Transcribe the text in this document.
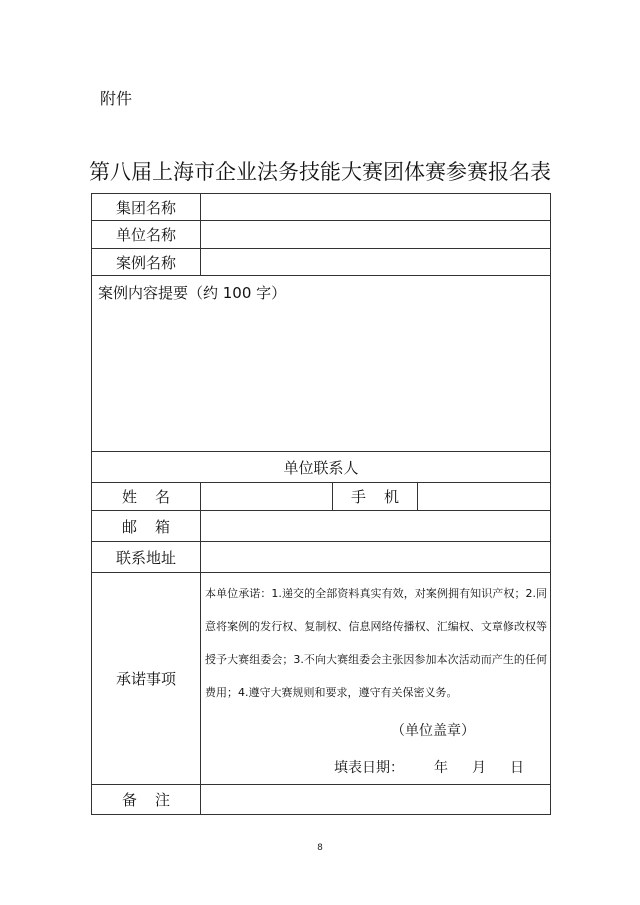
附件
第八届上海市企业法务技能大赛团体赛参赛报名表
集团名称			
单位名称			
案例名称			

案例内容提要（约 100 字）			

单位联系人			
姓 名		手 机	
邮 箱			
联系地址			
承诺事项	本单位承诺：1.递交的全部资料真实有效，对案例拥有知识产权；2.同意将案例的发行权、复制权、信息网络传播权、汇编权、文章修改权等授予大赛组委会；3.不向大赛组委会主张因参加本次活动而产生的任何费用；4.遵守大赛规则和要求，遵守有关保密义务。
（单位盖章）
填表日期： 年 月 日		

备 注			
8
